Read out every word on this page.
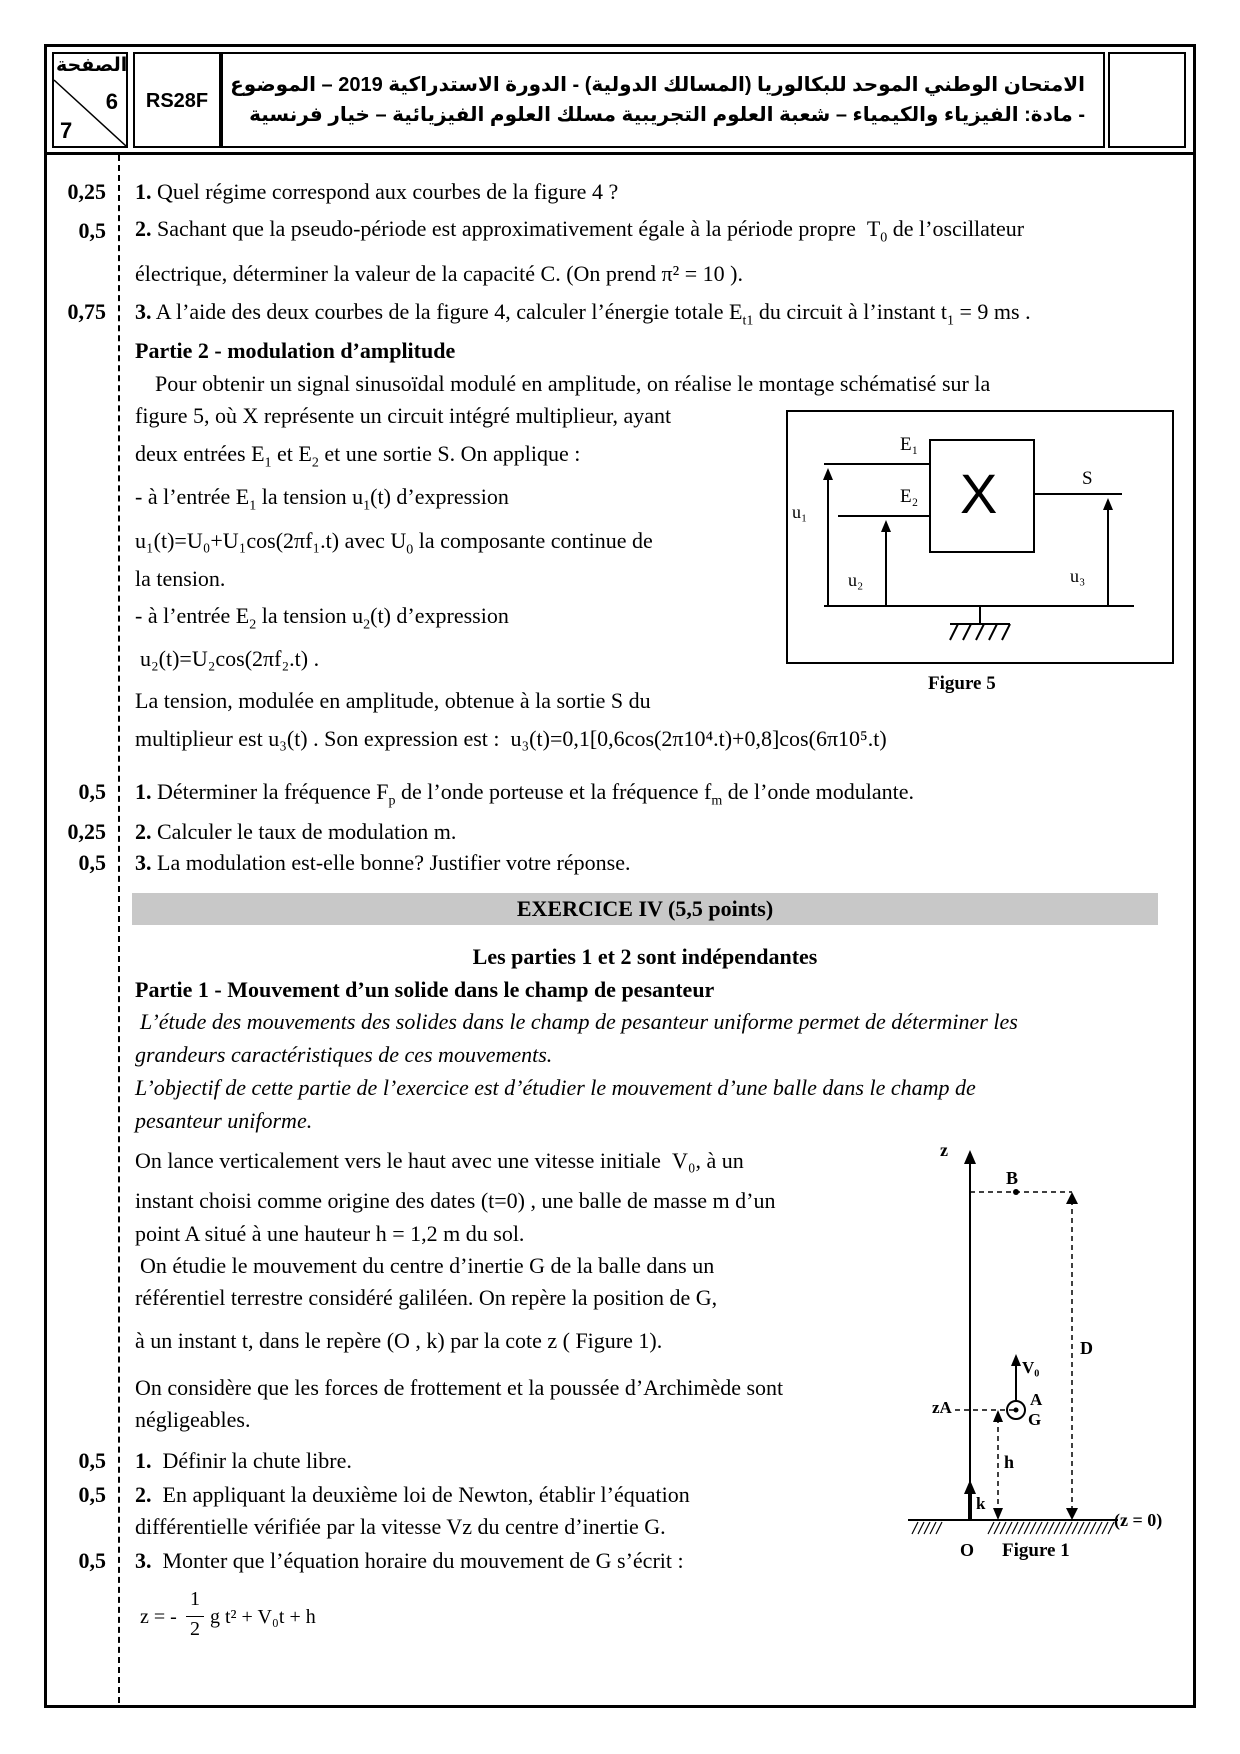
الصفحة
6
7
RS28F
الامتحان الوطني الموحد للبكالوريا (المسالك الدولية) - الدورة الاستدراكية 2019 – الموضوع
- مادة: الفيزياء والكيمياء – شعبة العلوم التجريبية مسلك العلوم الفيزيائية – خيار فرنسية
0,25
0,5
0,75
0,5
0,25
0,5
0,5
0,5
0,5
1. Quel régime correspond aux courbes de la figure 4 ?
2. Sachant que la pseudo-période est approximativement égale à la période propre $T_0$ de l’oscillateur
électrique, déterminer la valeur de la capacité C. (On prend π² = 10 ).
3. A l’aide des deux courbes de la figure 4, calculer l’énergie totale $E_{t1}$ du circuit à l’instant $t_1 = 9$ ms .
Partie 2 - modulation d’amplitude
Pour obtenir un signal sinusoïdal modulé en amplitude, on réalise le montage schématisé sur la
figure 5, où X représente un circuit intégré multiplieur, ayant
deux entrées $E_1$ et $E_2$ et une sortie S. On applique :
- à l’entrée $E_1$ la tension $u_1(t)$ d’expression
u₁(t)=U₀+U₁cos(2πf₁.t) avec $U_0$ la composante continue de
la tension.
- à l’entrée $E_2$ la tension $u_2(t)$ d’expression
u₂(t)=U₂cos(2πf₂.t) .
La tension, modulée en amplitude, obtenue à la sortie S du
multiplieur est u₃(t) . Son expression est : u₃(t)=0,1[0,6cos(2π10⁴.t)+0,8]cos(6π10⁵.t)
1. Déterminer la fréquence $F_p$ de l’onde porteuse et la fréquence $f_m$ de l’onde modulante.
2. Calculer le taux de modulation m.
3. La modulation est-elle bonne? Justifier votre réponse.
X
E₁
E₂
S
u₁
u₂	u₃
Figure 5
EXERCICE IV (5,5 points)
Les parties 1 et 2 sont indépendantes
Partie 1 - Mouvement d’un solide dans le champ de pesanteur
L’étude des mouvements des solides dans le champ de pesanteur uniforme permet de déterminer les
grandeurs caractéristiques de ces mouvements.
L’objectif de cette partie de l’exercice est d’étudier le mouvement d’une balle dans le champ de
pesanteur uniforme.
On lance verticalement vers le haut avec une vitesse initiale V₀, à un
instant choisi comme origine des dates (t=0) , une balle de masse m d’un
point A situé à une hauteur h = 1,2 m du sol.
On étudie le mouvement du centre d’inertie G de la balle dans un
référentiel terrestre considéré galiléen. On repère la position de G,
à un instant t, dans le repère (O , k) par la cote z ( Figure 1).
On considère que les forces de frottement et la poussée d’Archimède sont
négligeables.
1. Définir la chute libre.
2. En appliquant la deuxième loi de Newton, établir l’équation
différentielle vérifiée par la vitesse Vz du centre d’inertie G.
3. Monter que l’équation horaire du mouvement de G s’écrit :
z = -
1
2
g t² + V₀t + h
z
B
D
V₀
zA	A
G
h
k
O
(z = 0)
Figure 1
